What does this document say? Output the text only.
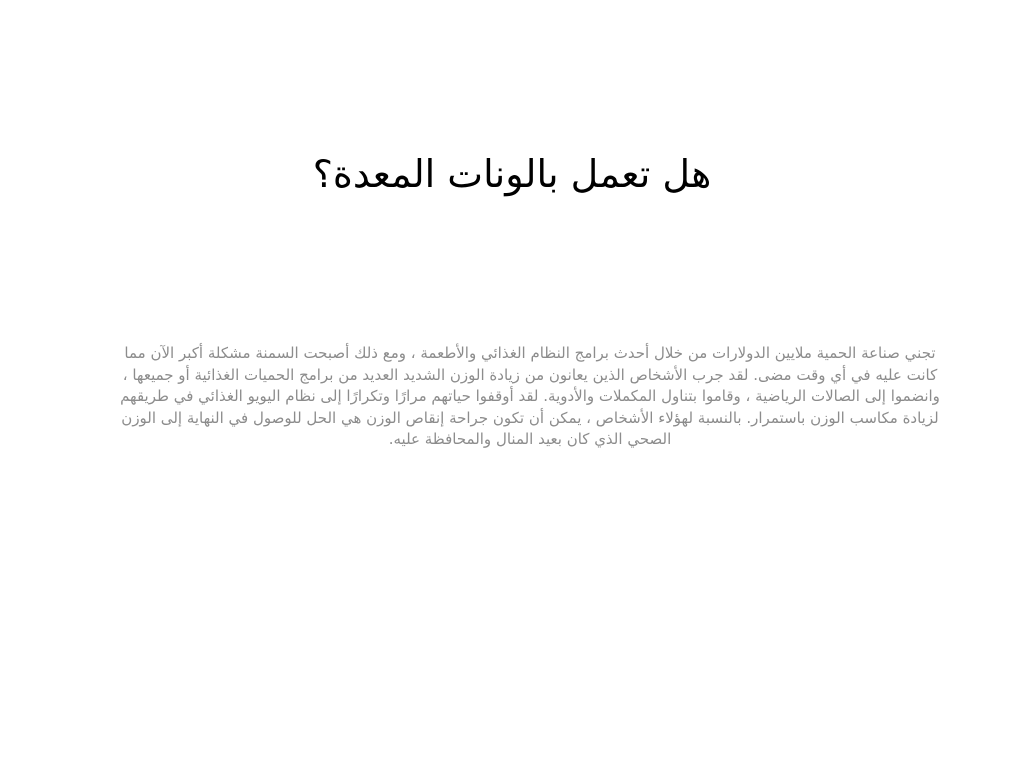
هل تعمل بالونات المعدة؟

تجني صناعة الحمية ملايين الدولارات من خلال أحدث برامج النظام الغذائي والأطعمة ، ومع ذلك أصبحت السمنة مشكلة أكبر الآن مما كانت عليه في أي وقت مضى. لقد جرب الأشخاص الذين يعانون من زيادة الوزن الشديد العديد من برامج الحميات الغذائية أو جميعها ، وانضموا إلى الصالات الرياضية ، وقاموا بتناول المكملات والأدوية. لقد أوقفوا حياتهم مرارًا وتكرارًا إلى نظام اليويو الغذائي في طريقهم لزيادة مكاسب الوزن باستمرار. بالنسبة لهؤلاء الأشخاص ، يمكن أن تكون جراحة إنقاص الوزن هي الحل للوصول في النهاية إلى الوزن الصحي الذي كان بعيد المنال والمحافظة عليه.
